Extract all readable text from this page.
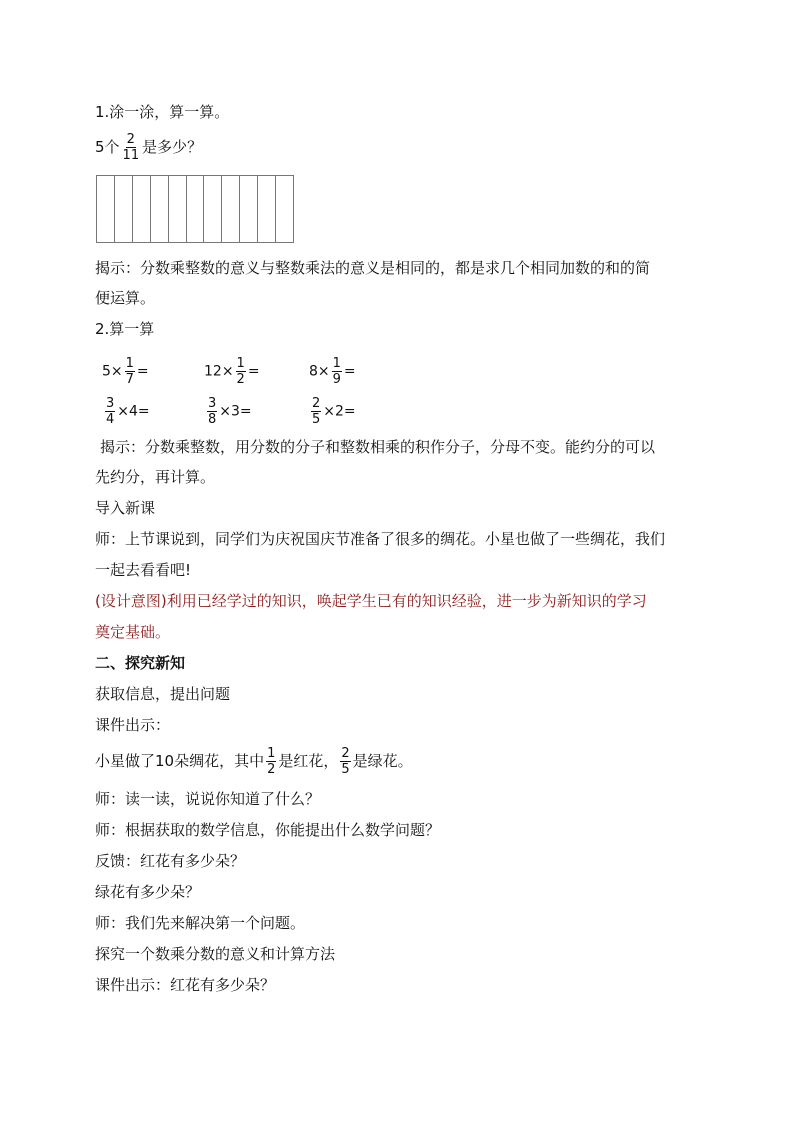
1.涂一涂，算一算。
5个 $\frac{2}{11}$ 是多少？
揭示：分数乘整数的意义与整数乘法的意义是相同的，都是求几个相同加数的和的简
便运算。
2.算一算
$5\times \frac{1}{7}$ =	$12\times \frac{1}{2}$ =	$8\times \frac{1}{9}$ =
$\frac{3}{4} \times 4=$	$\frac{3}{8} \times 3=$	$\frac{2}{5} \times 2=$
揭示：分数乘整数，用分数的分子和整数相乘的积作分子，分母不变。能约分的可以
先约分，再计算。
导入新课
师：上节课说到，同学们为庆祝国庆节准备了很多的绸花。小星也做了一些绸花，我们
一起去看看吧!
(设计意图)利用已经学过的知识，唤起学生已有的知识经验，进一步为新知识的学习
奠定基础。
二、探究新知
获取信息，提出问题
课件出示：
小星做了10朵绸花，其中 $\frac{1}{2}$ 是红花， $\frac{2}{5}$ 是绿花。
师：读一读，说说你知道了什么？
师：根据获取的数学信息，你能提出什么数学问题？
反馈：红花有多少朵？
绿花有多少朵？
师：我们先来解决第一个问题。
探究一个数乘分数的意义和计算方法
课件出示：红花有多少朵？
